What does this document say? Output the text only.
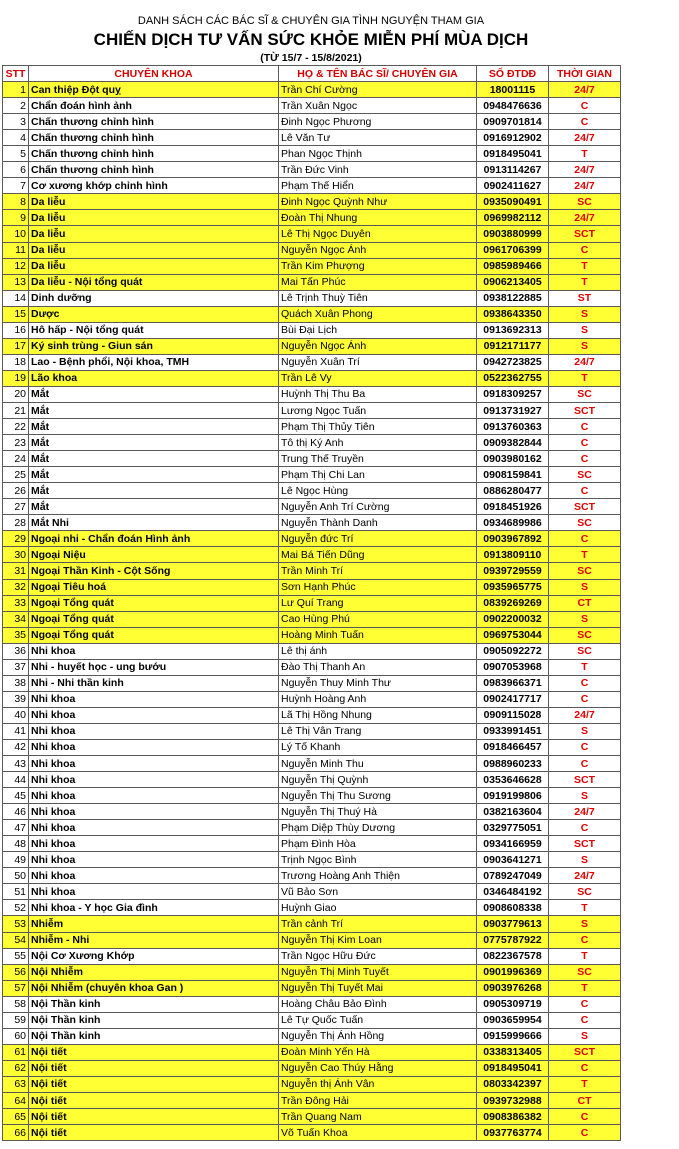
DANH SÁCH CÁC BÁC SĨ & CHUYÊN GIA TÌNH NGUYỆN THAM GIA
CHIẾN DỊCH TƯ VẤN SỨC KHỎE MIỄN PHÍ MÙA DỊCH
(TỪ 15/7 - 15/8/2021)
STT	CHUYÊN KHOA	HỌ & TÊN BÁC SĨ/ CHUYÊN GIA	SỐ ĐTDĐ	THỜI GIAN
1	Can thiệp Đột quỵ	Trần Chí Cường	18001115	24/7
2	Chẩn đoán hình ảnh	Trần Xuân Ngọc	0948476636	C
3	Chấn thương chỉnh hình	Đinh Ngọc Phương	0909701814	C
4	Chấn thương chỉnh hình	Lê Văn Tư	0916912902	24/7
5	Chấn thương chỉnh hình	Phan Ngọc Thịnh	0918495041	T
6	Chấn thương chỉnh hình	Trần Đức Vinh	0913114267	24/7
7	Cơ xương khớp chỉnh hình	Phạm Thế Hiển	0902411627	24/7
8	Da liễu	Đinh Ngọc Quỳnh Như	0935090491	SC
9	Da liễu	Đoàn Thị Nhung	0969982112	24/7
10	Da liễu	Lê Thị Ngọc Duyên	0903880999	SCT
11	Da liễu	Nguyễn Ngọc Ánh	0961706399	C
12	Da liễu	Trần Kim Phượng	0985989466	T
13	Da liễu - Nội tổng quát	Mai Tấn Phúc	0906213405	T
14	Dinh dưỡng	Lê Trịnh Thuỳ Tiên	0938122885	ST
15	Dược	Quách Xuân Phong	0938643350	S
16	Hô hấp - Nội tổng quát	Bùi Đại Lịch	0913692313	S
17	Ký sinh trùng - Giun sán	Nguyễn Ngọc Ánh	0912171177	S
18	Lao - Bệnh phổi, Nội khoa, TMH	Nguyễn Xuân Trí	0942723825	24/7
19	Lão khoa	Trần Lê Vy	0522362755	T
20	Mắt	Huỳnh Thị Thu Ba	0918309257	SC
21	Mắt	Lương Ngọc Tuấn	0913731927	SCT
22	Mắt	Phạm Thị Thủy Tiên	0913760363	C
23	Mắt	Tô thị Ký Anh	0909382844	C
24	Mắt	Trung Thế Truyền	0903980162	C
25	Mắt	Phạm Thị Chi Lan	0908159841	SC
26	Mắt	Lê Ngọc Hùng	0886280477	C
27	Mắt	Nguyễn Anh Trí Cường	0918451926	SCT
28	Mắt Nhi	Nguyễn Thành Danh	0934689986	SC
29	Ngoại nhi - Chẩn đoán Hình ảnh	Nguyễn đức Trí	0903967892	C
30	Ngoại Niệu	Mai Bá Tiến Dũng	0913809110	T
31	Ngoại Thần Kinh - Cột Sống	Trần Minh Trí	0939729559	SC
32	Ngoại Tiêu hoá	Sơn Hạnh Phúc	0935965775	S
33	Ngoại Tổng quát	Lư Quí Trang	0839269269	CT
34	Ngoại Tổng quát	Cao Hùng Phú	0902200032	S
35	Ngoại Tổng quát	Hoàng Minh Tuấn	0969753044	SC
36	Nhi khoa	Lê thị ánh	0905092272	SC
37	Nhi - huyết học - ung bướu	Đào Thị Thanh An	0907053968	T
38	Nhi - Nhi thần kinh	Nguyễn Thuy Minh Thư	0983966371	C
39	Nhi khoa	Huỳnh Hoàng Anh	0902417717	C
40	Nhi khoa	Lã Thị Hồng Nhung	0909115028	24/7
41	Nhi khoa	Lê Thị Vân Trang	0933991451	S
42	Nhi khoa	Lý Tố Khanh	0918466457	C
43	Nhi khoa	Nguyễn Minh Thu	0988960233	C
44	Nhi khoa	Nguyễn Thị Quỳnh	0353646628	SCT
45	Nhi khoa	Nguyễn Thị Thu Sương	0919199806	S
46	Nhi khoa	Nguyễn Thị Thuý Hà	0382163604	24/7
47	Nhi khoa	Phạm Diệp Thùy Dương	0329775051	C
48	Nhi khoa	Phạm Đình Hòa	0934166959	SCT
49	Nhi khoa	Trịnh Ngọc Bình	0903641271	S
50	Nhi khoa	Trương Hoàng Anh Thiện	0789247049	24/7
51	Nhi khoa	Vũ Bảo Sơn	0346484192	SC
52	Nhi khoa - Y học Gia đình	Huỳnh Giao	0908608338	T
53	Nhiễm	Trần cảnh Trí	0903779613	S
54	Nhiễm - Nhi	Nguyễn Thị Kim Loan	0775787922	C
55	Nội Cơ Xương Khớp	Trần Ngọc Hữu Đức	0822367578	T
56	Nội Nhiễm	Nguyễn Thị Minh Tuyết	0901996369	SC
57	Nội Nhiễm (chuyên khoa Gan )	Nguyễn Thị Tuyết Mai	0903976268	T
58	Nội Thần kinh	Hoàng Châu Bảo Đình	0905309719	C
59	Nội Thần kinh	Lê Tự Quốc Tuấn	0903659954	C
60	Nội Thần kinh	Nguyễn Thị Ánh Hồng	0915999666	S
61	Nội tiết	Đoàn Minh Yến Hà	0338313405	SCT
62	Nội tiết	Nguyễn Cao Thúy Hằng	0918495041	C
63	Nội tiết	Nguyễn thị Ánh Vân	0803342397	T
64	Nội tiết	Trần Đông Hải	0939732988	CT
65	Nội tiết	Trần Quang Nam	0908386382	C
66	Nội tiết	Võ Tuấn Khoa	0937763774	C
